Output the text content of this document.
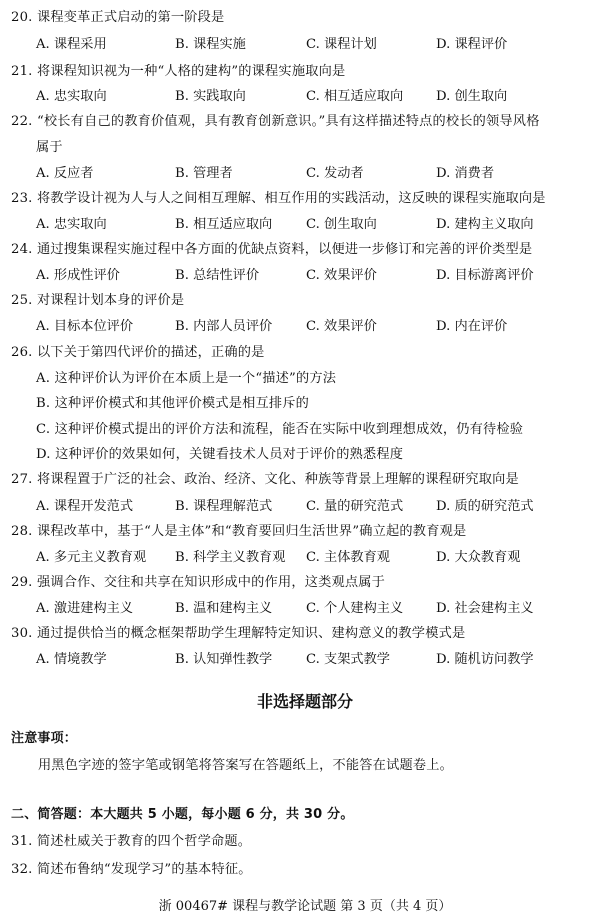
20. 课程变革正式启动的第一阶段是
A. 课程采用	B. 课程实施	C. 课程计划	D. 课程评价
21. 将课程知识视为一种“人格的建构”的课程实施取向是
A. 忠实取向	B. 实践取向	C. 相互适应取向 D. 创生取向
22. “校长有自己的教育价值观，具有教育创新意识。”具有这样描述特点的校长的领导风格
属于
A. 反应者	B. 管理者	C. 发动者	D. 消费者
23. 将教学设计视为人与人之间相互理解、相互作用的实践活动，这反映的课程实施取向是
A. 忠实取向	B. 相互适应取向	C. 创生取向	D. 建构主义取向
24. 通过搜集课程实施过程中各方面的优缺点资料，以便进一步修订和完善的评价类型是
A. 形成性评价	B. 总结性评价	C. 效果评价	D. 目标游离评价
25. 对课程计划本身的评价是
A. 目标本位评价	B. 内部人员评价	C. 效果评价	D. 内在评价
26. 以下关于第四代评价的描述，正确的是
A. 这种评价认为评价在本质上是一个“描述”的方法
B. 这种评价模式和其他评价模式是相互排斥的
C. 这种评价模式提出的评价方法和流程，能否在实际中收到理想成效，仍有待检验
D. 这种评价的效果如何，关键看技术人员对于评价的熟悉程度
27. 将课程置于广泛的社会、政治、经济、文化、种族等背景上理解的课程研究取向是
A. 课程开发范式	B. 课程理解范式	C. 量的研究范式 D. 质的研究范式
28. 课程改革中，基于“人是主体”和“教育要回归生活世界”确立起的教育观是
A. 多元主义教育观 B. 科学主义教育观 C. 主体教育观	D. 大众教育观
29. 强调合作、交往和共享在知识形成中的作用，这类观点属于
A. 激进建构主义	B. 温和建构主义	C. 个人建构主义 D. 社会建构主义
30. 通过提供恰当的概念框架帮助学生理解特定知识、建构意义的教学模式是
A. 情境教学	B. 认知弹性教学	C. 支架式教学	D. 随机访问教学
非选择题部分
注意事项：
用黑色字迹的签字笔或钢笔将答案写在答题纸上，不能答在试题卷上。
二、简答题：本大题共 5 小题，每小题 6 分，共 30 分。
31. 简述杜威关于教育的四个哲学命题。
32. 简述布鲁纳“发现学习”的基本特征。
浙 00467# 课程与教学论试题 第 3 页（共 4 页）
